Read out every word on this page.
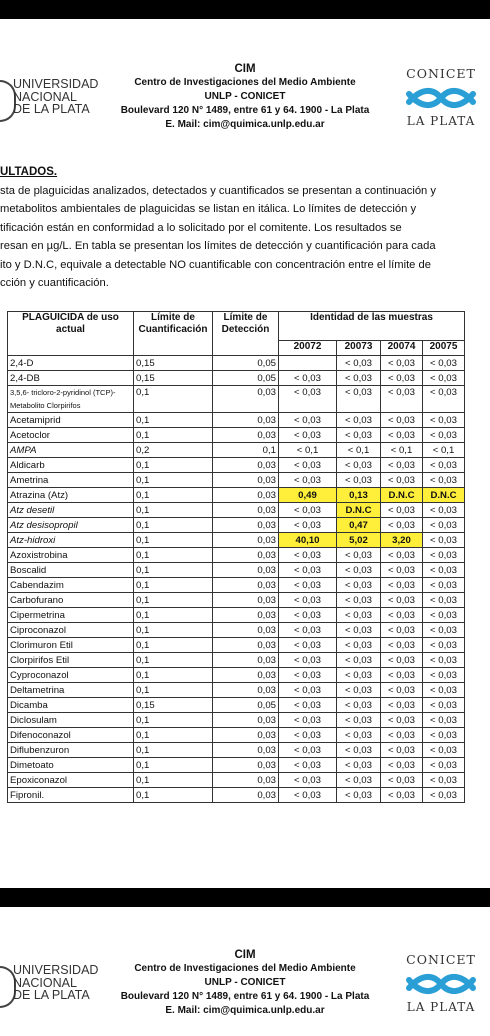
UNIVERSIDAD
NACIONAL
DE LA PLATA
CIM
Centro de Investigaciones del Medio Ambiente
UNLP - CONICET
Boulevard 120 N° 1489, entre 61 y 64. 1900 - La Plata
E. Mail: cim@quimica.unlp.edu.ar
CONICET
LA PLATA
ULTADOS.
sta de plaguicidas analizados, detectados y cuantificados se presentan a continuación y
metabolitos ambientales de plaguicidas se listan en itálica. Lo límites de detección y
tificación están en conformidad a lo solicitado por el comitente. Los resultados se
resan en µg/L. En tabla se presentan los límites de detección y cuantificación para cada
ito y D.N.C, equivale a detectable NO cuantificable con concentración entre el límite de
cción y cuantificación.
PLAGUICIDA de uso actual	Límite de Cuantificación	Límite de Detección	Identidad de las muestras			
			20072	20073	20074	20075
2,4-D	0,15	0,05		< 0,03	< 0,03	< 0,03
2,4-DB	0,15	0,05	< 0,03	< 0,03	< 0,03	< 0,03
3,5,6- tricloro-2-pyridinol (TCP)- Metabolito Clorpirifos	0,1	0,03	< 0,03	< 0,03	< 0,03	< 0,03
Acetamiprid	0,1	0,03	< 0,03	< 0,03	< 0,03	< 0,03
Acetoclor	0,1	0,03	< 0,03	< 0,03	< 0,03	< 0,03
AMPA	0,2	0,1	< 0,1	< 0,1	< 0,1	< 0,1
Aldicarb	0,1	0,03	< 0,03	< 0,03	< 0,03	< 0,03
Ametrina	0,1	0,03	< 0,03	< 0,03	< 0,03	< 0,03
Atrazina (Atz)	0,1	0,03	0,49	0,13	D.N.C	D.N.C
Atz desetil	0,1	0,03	< 0,03	D.N.C	< 0,03	< 0,03
Atz desisopropil	0,1	0,03	< 0,03	0,47	< 0,03	< 0,03
Atz-hidroxi	0,1	0,03	40,10	5,02	3,20	< 0,03
Azoxistrobina	0,1	0,03	< 0,03	< 0,03	< 0,03	< 0,03
Boscalid	0,1	0,03	< 0,03	< 0,03	< 0,03	< 0,03
Cabendazim	0,1	0,03	< 0,03	< 0,03	< 0,03	< 0,03
Carbofurano	0,1	0,03	< 0,03	< 0,03	< 0,03	< 0,03
Cipermetrina	0,1	0,03	< 0,03	< 0,03	< 0,03	< 0,03
Ciproconazol	0,1	0,03	< 0,03	< 0,03	< 0,03	< 0,03
Clorimuron Etil	0,1	0,03	< 0,03	< 0,03	< 0,03	< 0,03
Clorpirifos Etil	0,1	0,03	< 0,03	< 0,03	< 0,03	< 0,03
Cyproconazol	0,1	0,03	< 0,03	< 0,03	< 0,03	< 0,03
Deltametrina	0,1	0,03	< 0,03	< 0,03	< 0,03	< 0,03
Dicamba	0,15	0,05	< 0,03	< 0,03	< 0,03	< 0,03
Diclosulam	0,1	0,03	< 0,03	< 0,03	< 0,03	< 0,03
Difenoconazol	0,1	0,03	< 0,03	< 0,03	< 0,03	< 0,03
Diflubenzuron	0,1	0,03	< 0,03	< 0,03	< 0,03	< 0,03
Dimetoato	0,1	0,03	< 0,03	< 0,03	< 0,03	< 0,03
Epoxiconazol	0,1	0,03	< 0,03	< 0,03	< 0,03	< 0,03
Fipronil.	0,1	0,03	< 0,03	< 0,03	< 0,03	< 0,03
UNIVERSIDAD
NACIONAL
DE LA PLATA
CIM
Centro de Investigaciones del Medio Ambiente
UNLP - CONICET
Boulevard 120 N° 1489, entre 61 y 64. 1900 - La Plata
E. Mail: cim@quimica.unlp.edu.ar
CONICET
LA PLATA
